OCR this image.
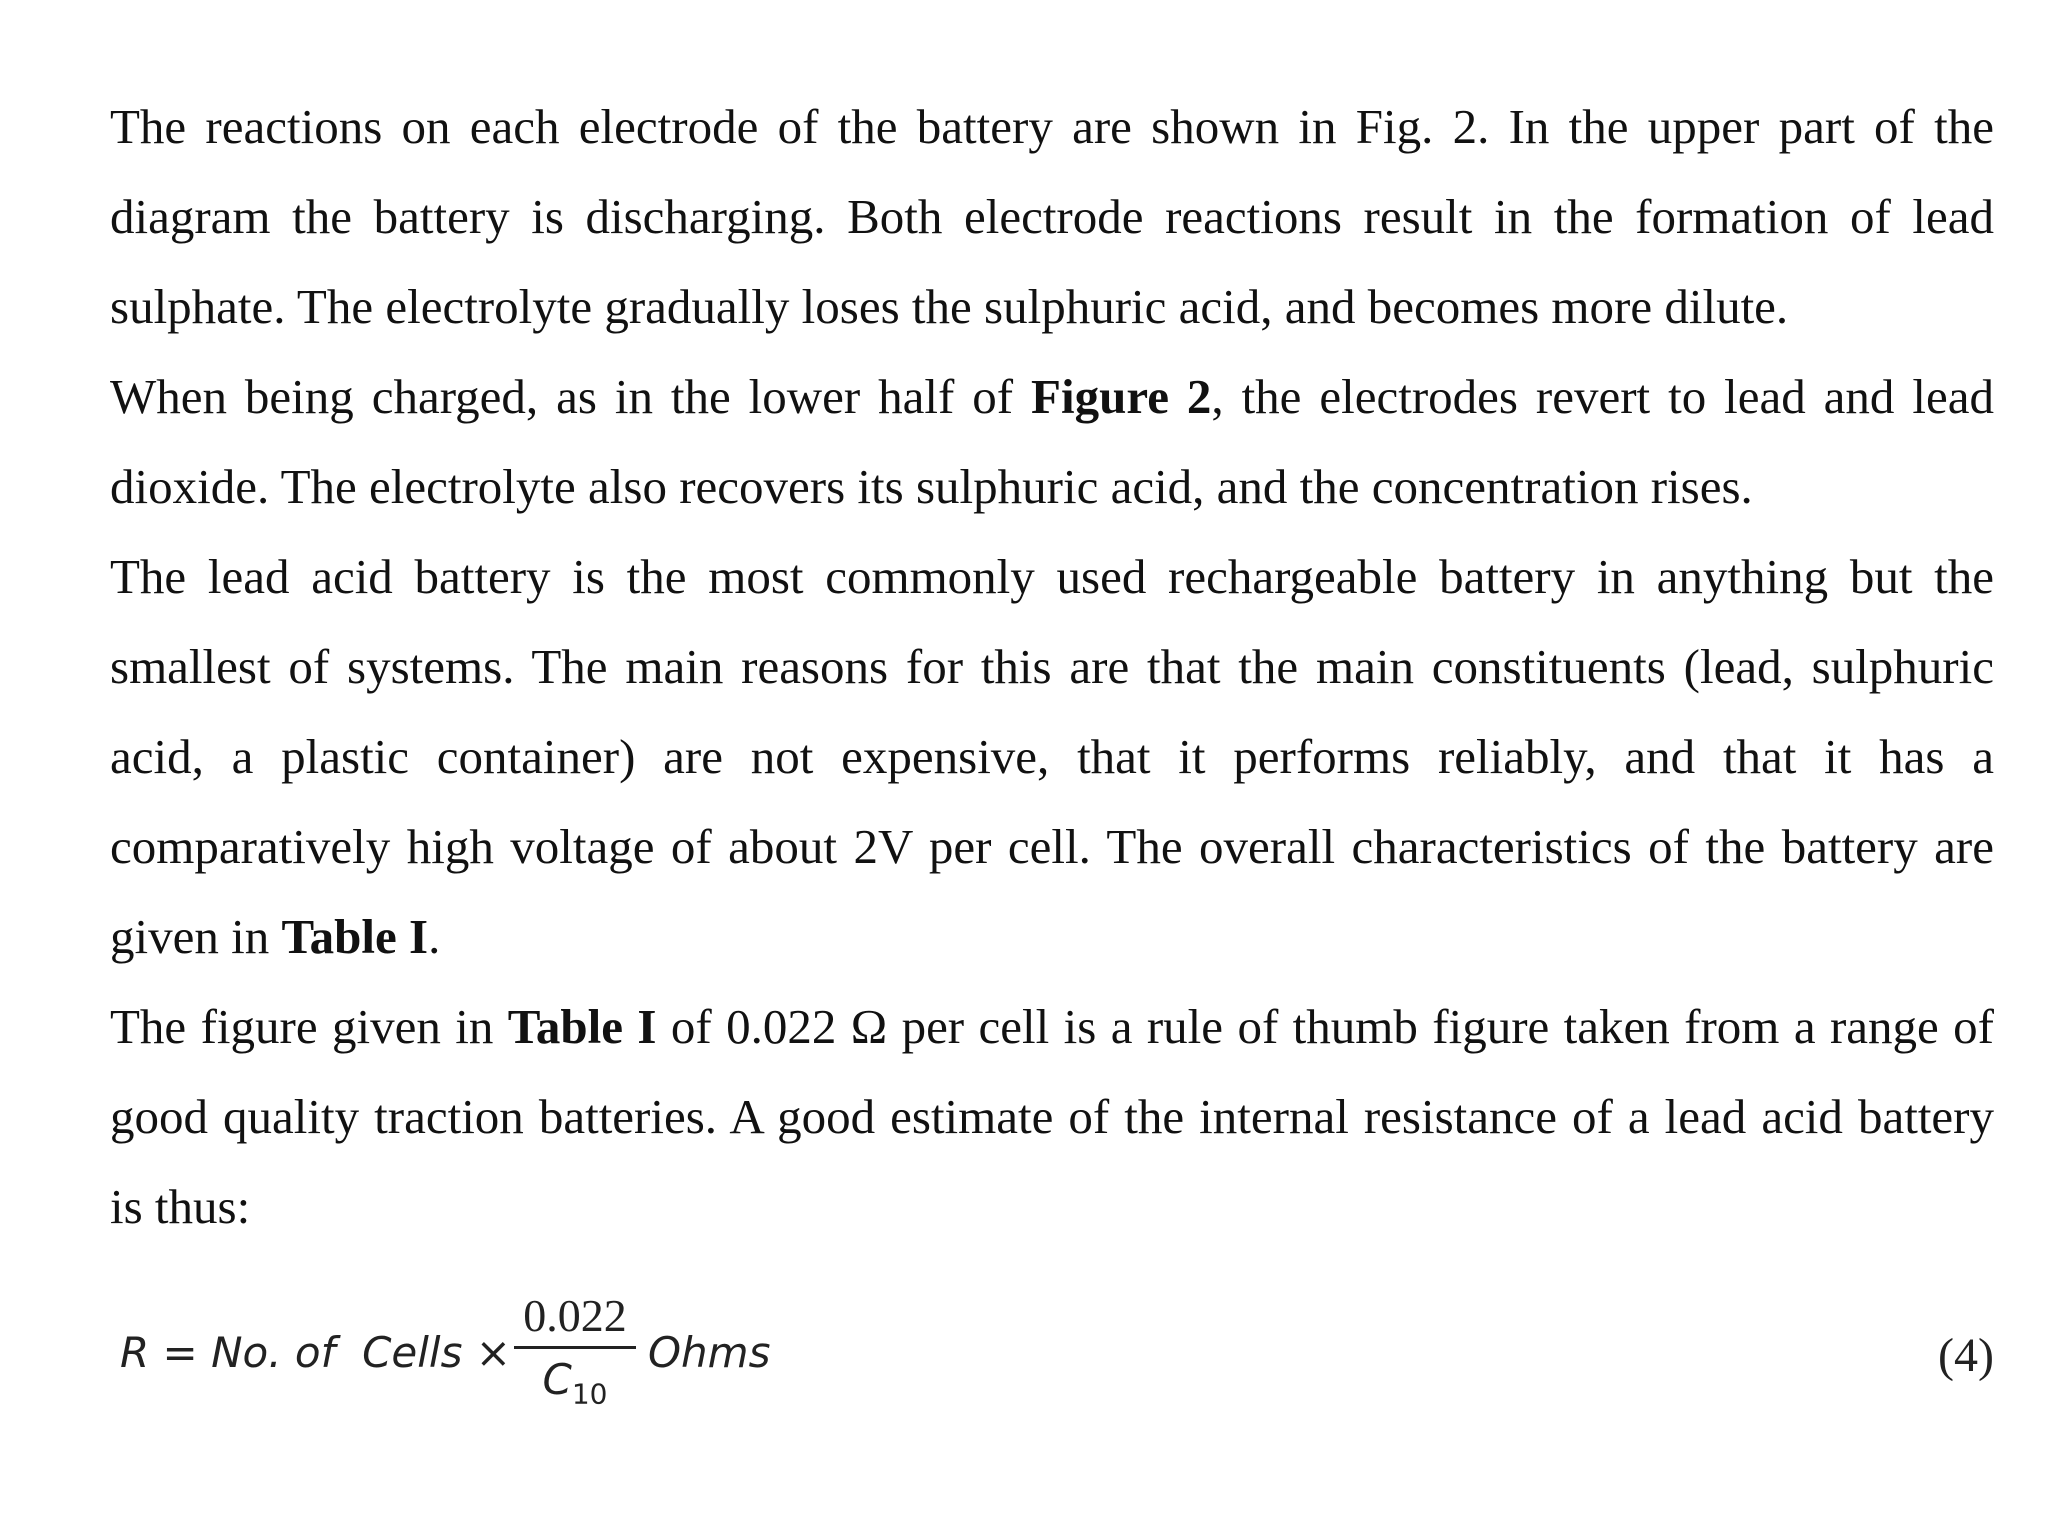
The reactions on each electrode of the battery are shown in Fig. 2. In the upper part of the diagram the battery is discharging. Both electrode reactions result in the formation of lead sulphate. The electrolyte gradually loses the sulphuric acid, and becomes more dilute.

When being charged, as in the lower half of Figure 2, the electrodes revert to lead and lead dioxide. The electrolyte also recovers its sulphuric acid, and the concentration rises.

The lead acid battery is the most commonly used rechargeable battery in anything but the smallest of systems. The main reasons for this are that the main constituents (lead, sulphuric acid, a plastic container) are not expensive, that it performs reliably, and that it has a comparatively high voltage of about 2V per cell. The overall characteristics of the battery are given in Table I.

The figure given in Table I of 0.022 Ω per cell is a rule of thumb figure taken from a range of good quality traction batteries. A good estimate of the internal resistance of a lead acid battery is thus:

R = No. of  Cells ×
0.022
$C_{10}$
Ohms	(4)
